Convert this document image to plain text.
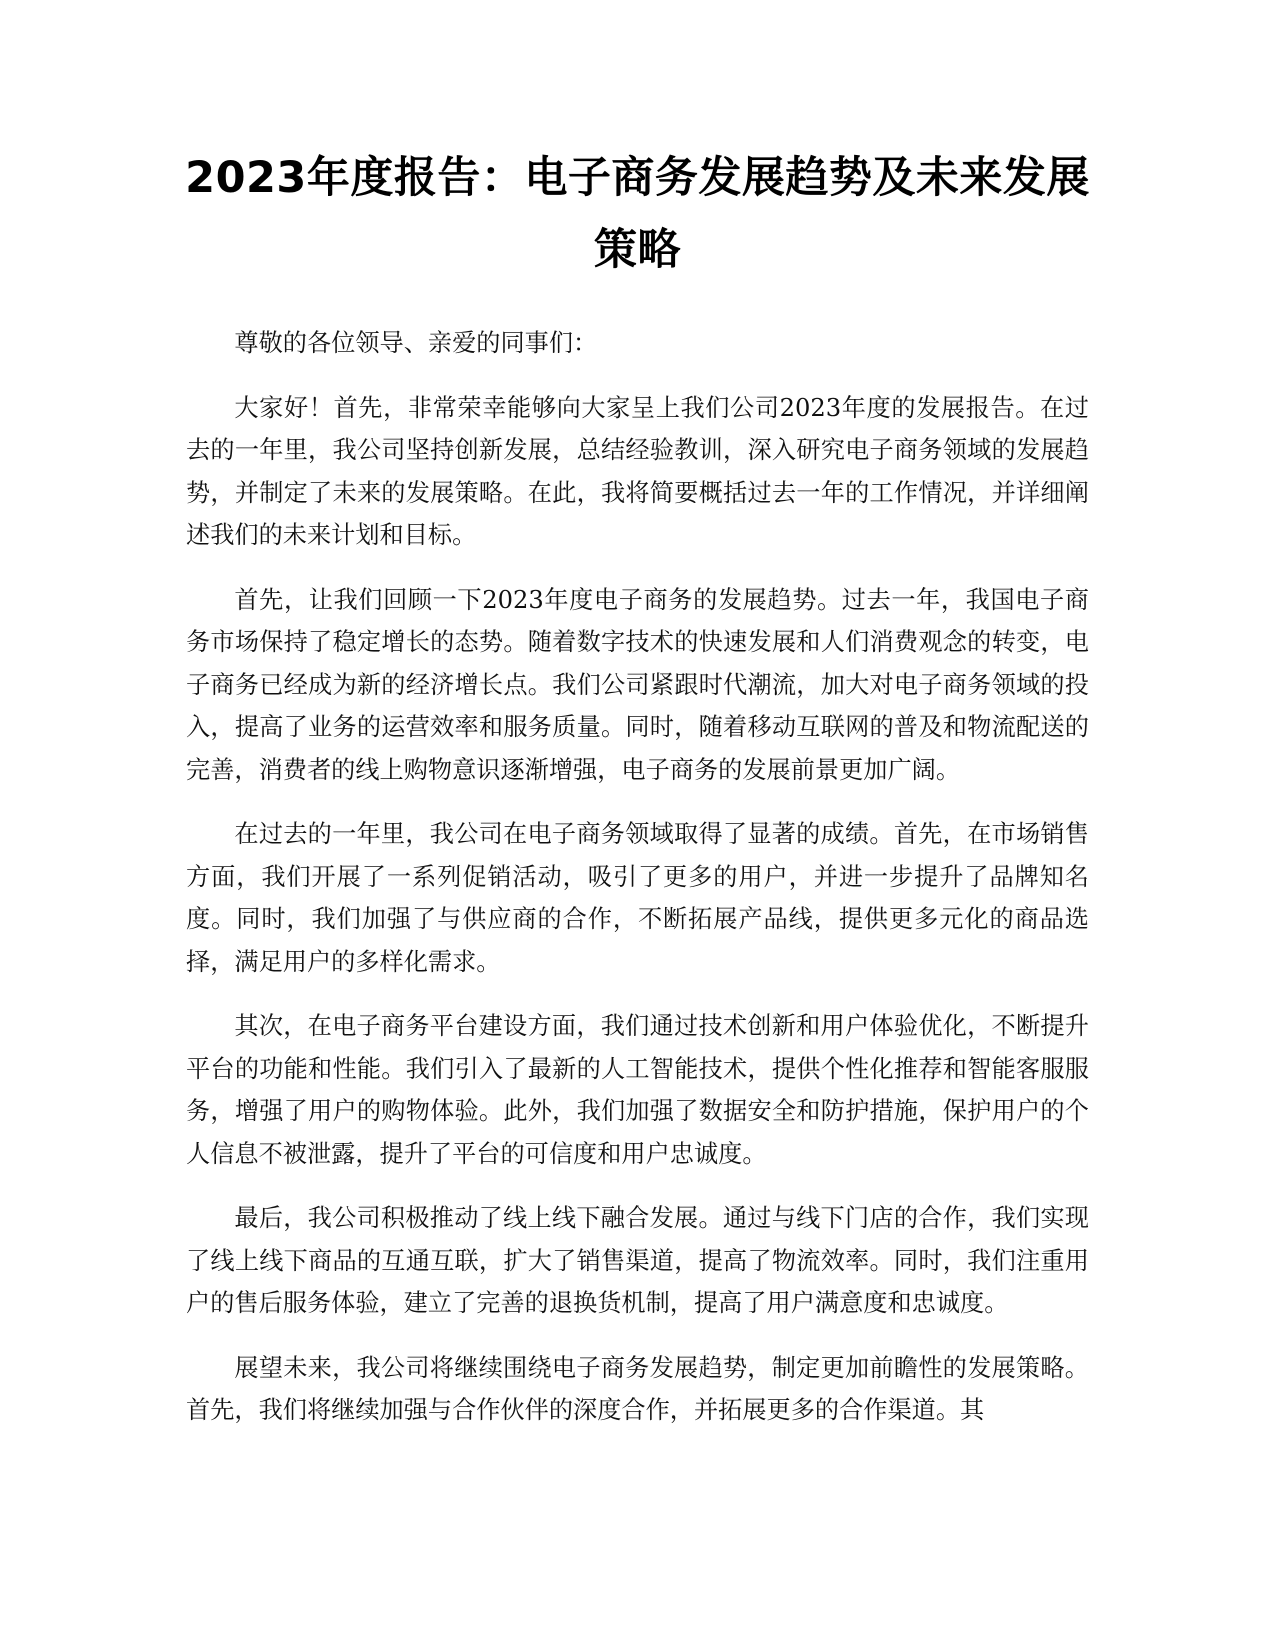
2023年度报告：电子商务发展趋势及未来发展策略

尊敬的各位领导、亲爱的同事们：

大家好！首先，非常荣幸能够向大家呈上我们公司2023年度的发展报告。在过去的一年里，我公司坚持创新发展，总结经验教训，深入研究电子商务领域的发展趋势，并制定了未来的发展策略。在此，我将简要概括过去一年的工作情况，并详细阐述我们的未来计划和目标。

首先，让我们回顾一下2023年度电子商务的发展趋势。过去一年，我国电子商务市场保持了稳定增长的态势。随着数字技术的快速发展和人们消费观念的转变，电子商务已经成为新的经济增长点。我们公司紧跟时代潮流，加大对电子商务领域的投入，提高了业务的运营效率和服务质量。同时，随着移动互联网的普及和物流配送的完善，消费者的线上购物意识逐渐增强，电子商务的发展前景更加广阔。

在过去的一年里，我公司在电子商务领域取得了显著的成绩。首先，在市场销售方面，我们开展了一系列促销活动，吸引了更多的用户，并进一步提升了品牌知名度。同时，我们加强了与供应商的合作，不断拓展产品线，提供更多元化的商品选择，满足用户的多样化需求。

其次，在电子商务平台建设方面，我们通过技术创新和用户体验优化，不断提升平台的功能和性能。我们引入了最新的人工智能技术，提供个性化推荐和智能客服服务，增强了用户的购物体验。此外，我们加强了数据安全和防护措施，保护用户的个人信息不被泄露，提升了平台的可信度和用户忠诚度。

最后，我公司积极推动了线上线下融合发展。通过与线下门店的合作，我们实现了线上线下商品的互通互联，扩大了销售渠道，提高了物流效率。同时，我们注重用户的售后服务体验，建立了完善的退换货机制，提高了用户满意度和忠诚度。

展望未来，我公司将继续围绕电子商务发展趋势，制定更加前瞻性的发展策略。首先，我们将继续加强与合作伙伴的深度合作，并拓展更多的合作渠道。其
